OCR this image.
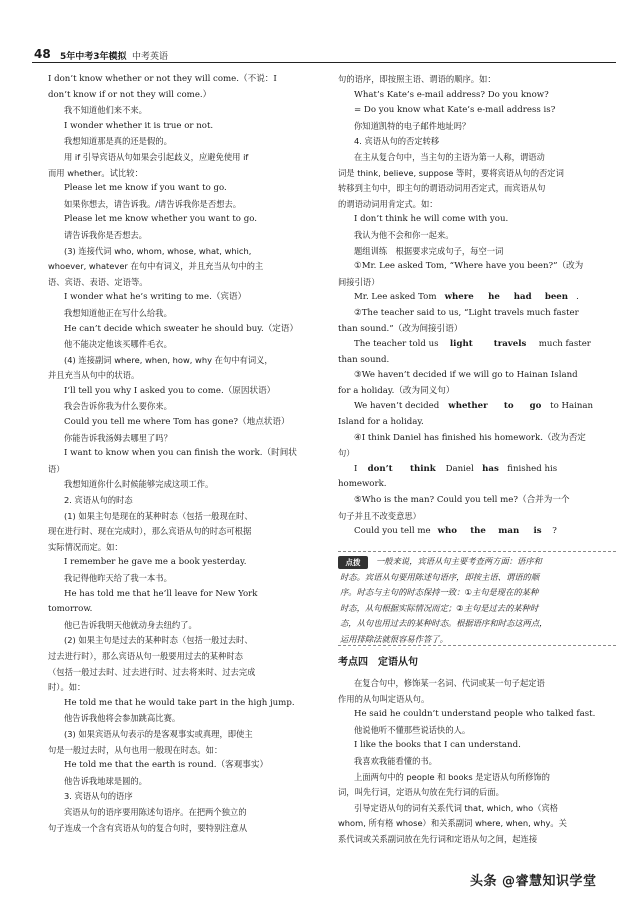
48 5年中考3年模拟 中考英语
I don’t know whether or not they will come.（不说：I
don’t know if or not they will come.）
我不知道他们来不来。
I wonder whether it is true or not.
我想知道那是真的还是假的。
用 if 引导宾语从句如果会引起歧义，应避免使用 if
而用 whether。试比较：
Please let me know if you want to go.
如果你想去，请告诉我。/请告诉我你是否想去。
Please let me know whether you want to go.
请告诉我你是否想去。
(3) 连接代词 who, whom, whose, what, which,
whoever, whatever 在句中有词义，并且充当从句中的主
语、宾语、表语、定语等。
I wonder what he’s writing to me.（宾语）
我想知道他正在写什么给我。
He can’t decide which sweater he should buy.（定语）
他不能决定他该买哪件毛衣。
(4) 连接副词 where, when, how, why 在句中有词义，
并且充当从句中的状语。
I’ll tell you why I asked you to come.（原因状语）
我会告诉你我为什么要你来。
Could you tell me where Tom has gone?（地点状语）
你能告诉我汤姆去哪里了吗？
I want to know when you can finish the work.（时间状
语）
我想知道你什么时候能够完成这项工作。
2. 宾语从句的时态
(1) 如果主句是现在的某种时态（包括一般现在时、
现在进行时、现在完成时），那么宾语从句的时态可根据
实际情况而定。如：
I remember he gave me a book yesterday.
我记得他昨天给了我一本书。
He has told me that he’ll leave for New York
tomorrow.
他已告诉我明天他就动身去纽约了。
(2) 如果主句是过去的某种时态（包括一般过去时、
过去进行时），那么宾语从句一般要用过去的某种时态
（包括一般过去时、过去进行时、过去将来时、过去完成
时）。如：
He told me that he would take part in the high jump.
他告诉我他将会参加跳高比赛。
(3) 如果宾语从句表示的是客观事实或真理，即使主
句是一般过去时，从句也用一般现在时态。如：
He told me that the earth is round.（客观事实）
他告诉我地球是圆的。
3. 宾语从句的语序
宾语从句的语序要用陈述句语序。在把两个独立的
句子连成一个含有宾语从句的复合句时，要特别注意从
句的语序，即按照主语、谓语的顺序。如：
What’s Kate’s e-mail address? Do you know?
= Do you know what Kate’s e-mail address is?
你知道凯特的电子邮件地址吗？
4. 宾语从句的否定转移
在主从复合句中，当主句的主语为第一人称，谓语动
词是 think, believe, suppose 等时，要将宾语从句的否定词
转移到主句中，即主句的谓语动词用否定式，而宾语从句
的谓语动词用肯定式。如：
I don’t think he will come with you.
我认为他不会和你一起来。
题组训练　根据要求完成句子，每空一词
①Mr. Lee asked Tom, “Where have you been?”（改为
间接引语）
Mr. Lee asked Tom where he had been .
②The teacher said to us, “Light travels much faster
than sound.”（改为间接引语）
The teacher told us light travels much faster
than sound.
③We haven’t decided if we will go to Hainan Island
for a holiday.（改为同义句）
We haven’t decided whether to go to Hainan
Island for a holiday.
④I think Daniel has finished his homework.（改为否定
句）
I don’t think Daniel has finished his
homework.
⑤Who is the man? Could you tell me?（合并为一个
句子并且不改变意思）
Could you tell me who the man is ?
点拨	一般来说，宾语从句主要考查两方面：语序和
时态。宾语从句要用陈述句语序，即按主语、谓语的顺
序。时态与主句的时态保持一致：①主句是现在的某种
时态，从句根据实际情况而定；②主句是过去的某种时
态，从句也用过去的某种时态。根据语序和时态这两点，
运用排除法就很容易作答了。
考点四　定语从句
在复合句中，修饰某一名词、代词或某一句子起定语
作用的从句叫定语从句。
He said he couldn’t understand people who talked fast.
他说他听不懂那些说话快的人。
I like the books that I can understand.
我喜欢我能看懂的书。
上面两句中的 people 和 books 是定语从句所修饰的
词，叫先行词，定语从句放在先行词的后面。
引导定语从句的词有关系代词 that, which, who（宾格
whom, 所有格 whose）和关系副词 where, when, why。关
系代词或关系副词放在先行词和定语从句之间，起连接
头条 @睿慧知识学堂
